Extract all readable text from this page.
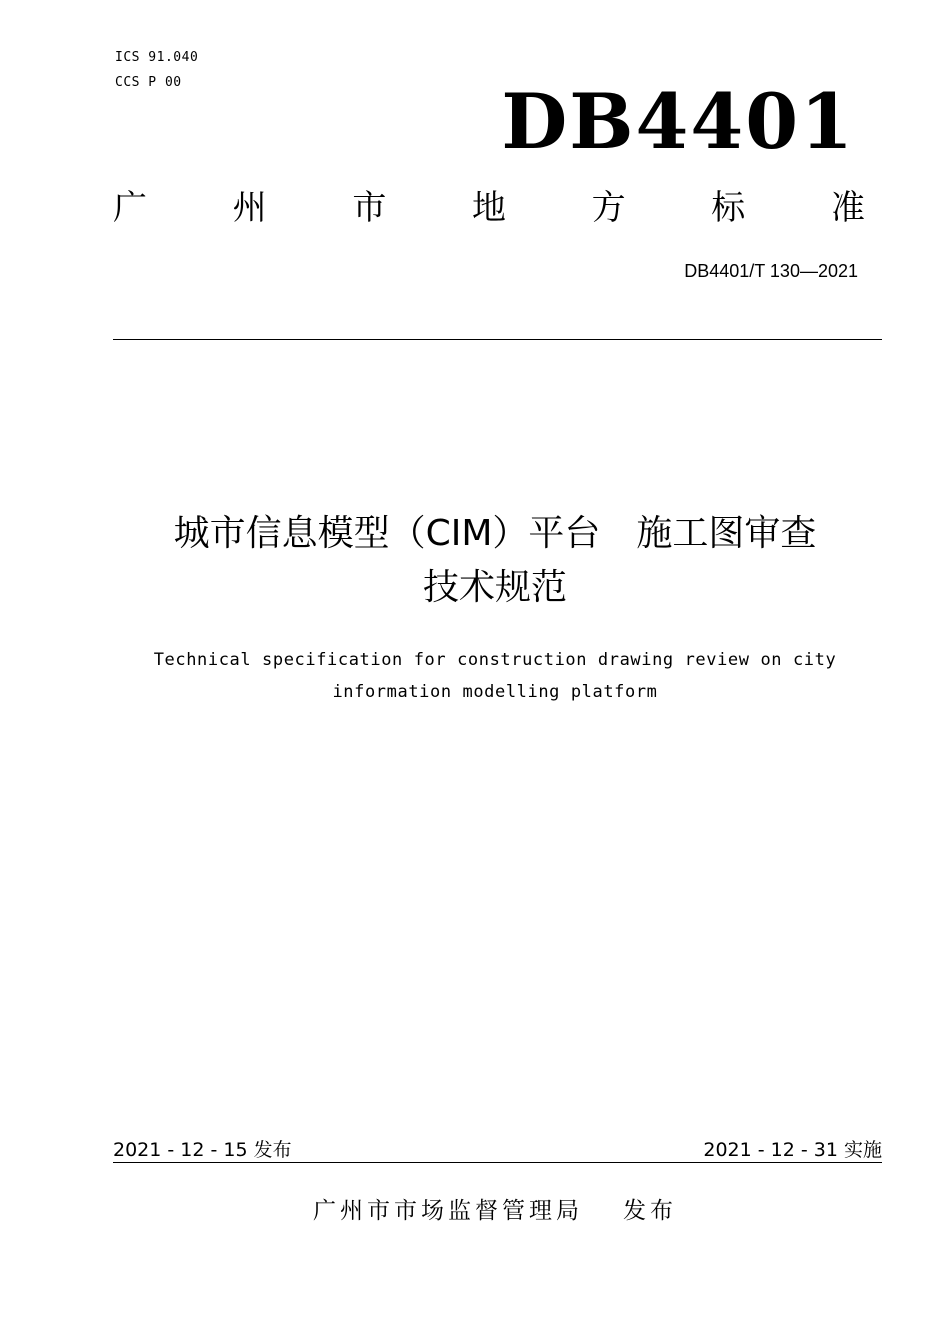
ICS 91.040
CCS P 00	DB4401
广	州	市	地	方	标	准
DB4401/T 130—2021
城市信息模型（CIM）平台　施工图审查
技术规范
Technical specification for construction drawing review on city
information modelling platform
2021 - 12 - 15 发布	2021 - 12 - 31 实施
广州市市场监督管理局 发布
